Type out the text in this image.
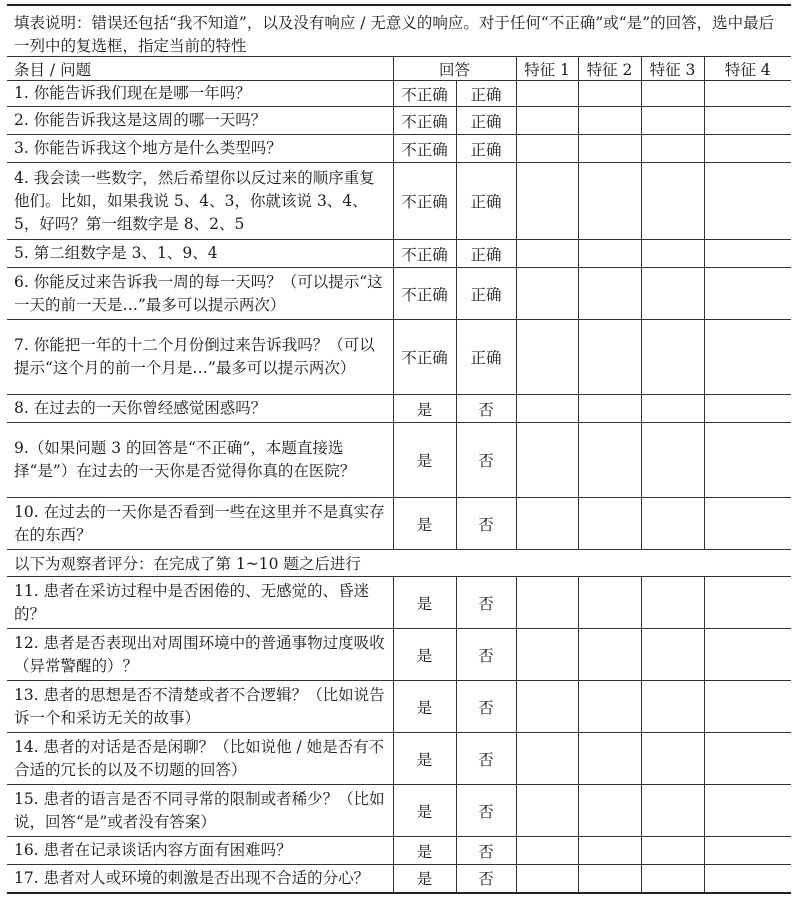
填表说明：错误还包括“我不知道”，以及没有响应 / 无意义的响应。对于任何“不正确”或“是”的回答，选中最后一列中的复选框，指定当前的特性
条目 / 问题	回答		特征 1	特征 2	特征 3	特征 4
1. 你能告诉我们现在是哪一年吗？	不正确	正确				
2. 你能告诉我这是这周的哪一天吗？	不正确	正确				
3. 你能告诉我这个地方是什么类型吗？	不正确	正确				
4. 我会读一些数字，然后希望你以反过来的顺序重复他们。比如，如果我说 5、4、3，你就该说 3、4、5，好吗？第一组数字是 8、2、5	不正确	正确				
5. 第二组数字是 3、1、9、4	不正确	正确				
6. 你能反过来告诉我一周的每一天吗？（可以提示“这一天的前一天是…”最多可以提示两次）	不正确	正确				
7. 你能把一年的十二个月份倒过来告诉我吗？（可以提示“这个月的前一个月是…”最多可以提示两次）	不正确	正确				
8. 在过去的一天你曾经感觉困惑吗？	是	否				
9.（如果问题 3 的回答是“不正确”，本题直接选择“是”）在过去的一天你是否觉得你真的在医院？	是	否				
10. 在过去的一天你是否看到一些在这里并不是真实存在的东西？	是	否				
以下为观察者评分：在完成了第 1~10 题之后进行						
11. 患者在采访过程中是否困倦的、无感觉的、昏迷的？	是	否				
12. 患者是否表现出对周围环境中的普通事物过度吸收（异常警醒的）？	是	否				
13. 患者的思想是否不清楚或者不合逻辑？（比如说告诉一个和采访无关的故事）	是	否				
14. 患者的对话是否是闲聊？（比如说他 / 她是否有不合适的冗长的以及不切题的回答）	是	否				
15. 患者的语言是否不同寻常的限制或者稀少？（比如说，回答“是”或者没有答案）	是	否				
16. 患者在记录谈话内容方面有困难吗？	是	否				
17. 患者对人或环境的刺激是否出现不合适的分心？	是	否				
